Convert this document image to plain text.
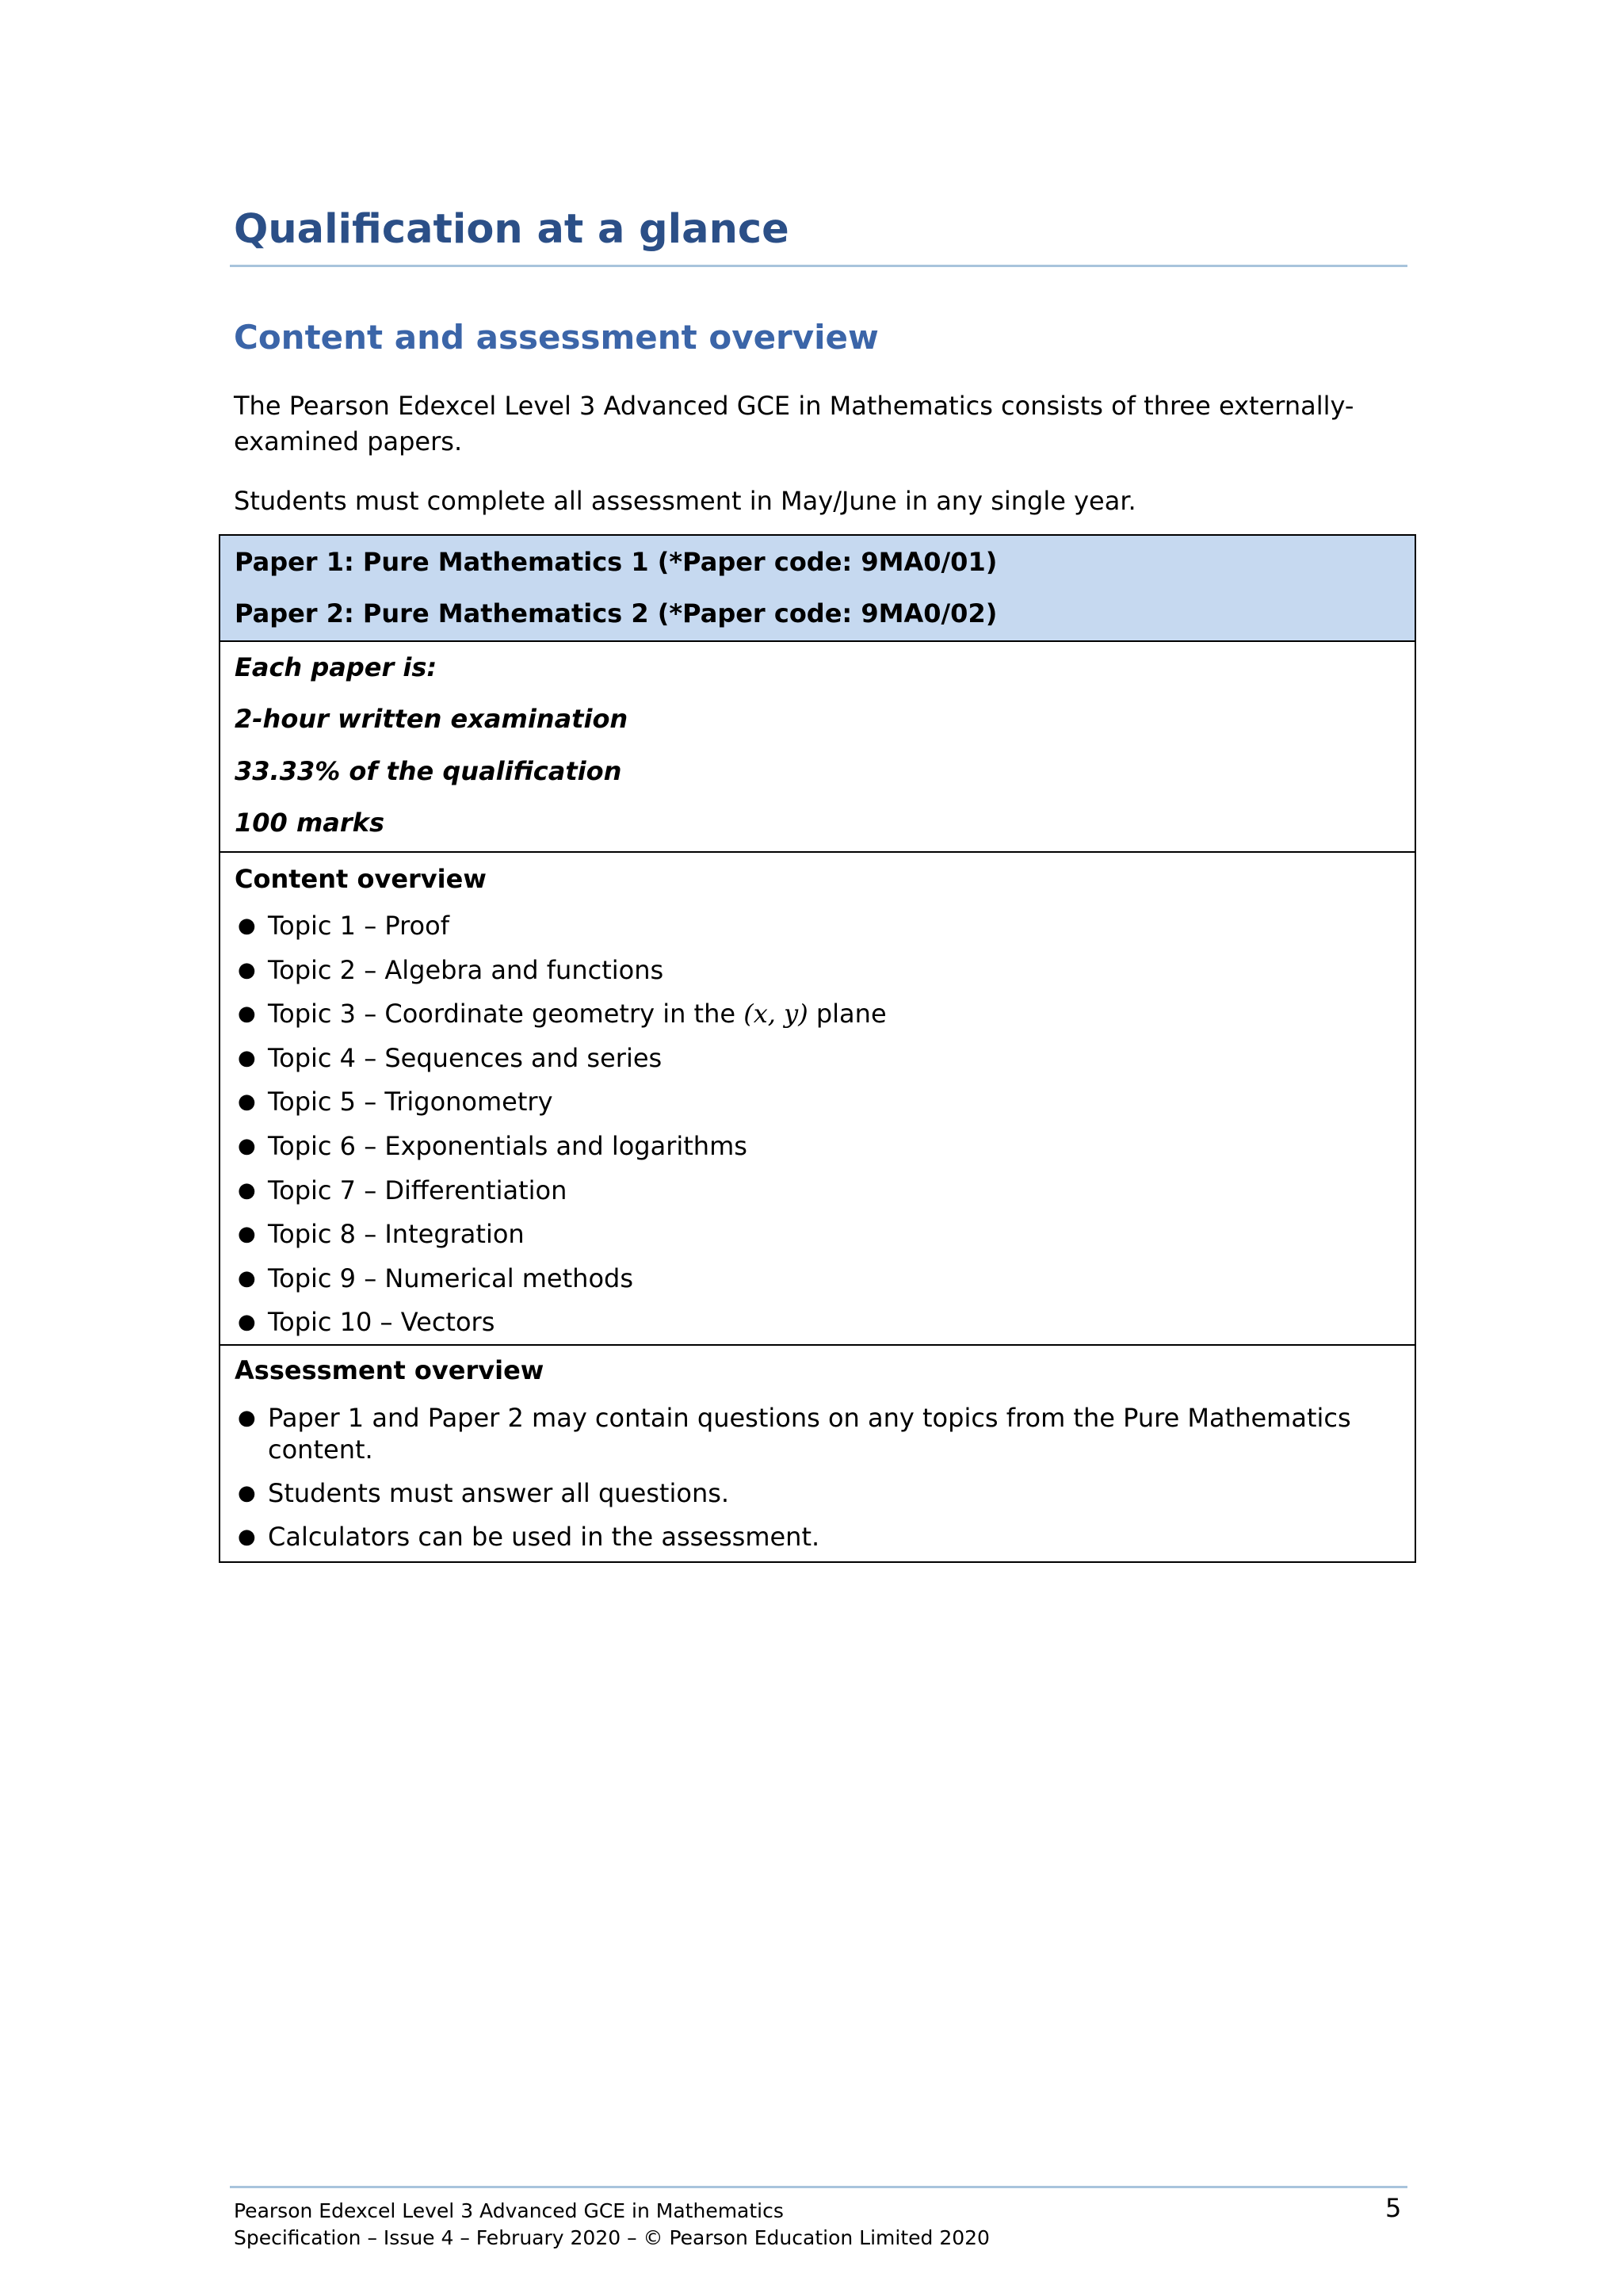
Qualification at a glance
Content and assessment overview

The Pearson Edexcel Level 3 Advanced GCE in Mathematics consists of three externally-examined papers.

Students must complete all assessment in May/June in any single year.

Paper 1: Pure Mathematics 1 (*Paper code: 9MA0/01)
Paper 2: Pure Mathematics 2 (*Paper code: 9MA0/02)
Each paper is:
2-hour written examination
33.33% of the qualification
100 marks
Content overview
● Topic 1 – Proof
● Topic 2 – Algebra and functions
● Topic 3 – Coordinate geometry in the (x, y) plane
● Topic 4 – Sequences and series
● Topic 5 – Trigonometry
● Topic 6 – Exponentials and logarithms
● Topic 7 – Differentiation
● Topic 8 – Integration
● Topic 9 – Numerical methods
● Topic 10 – Vectors
Assessment overview
● Paper 1 and Paper 2 may contain questions on any topics from the Pure Mathematics content.
● Students must answer all questions.
● Calculators can be used in the assessment.
Pearson Edexcel Level 3 Advanced GCE in Mathematics
Specification – Issue 4 – February 2020 – © Pearson Education Limited 2020
5
